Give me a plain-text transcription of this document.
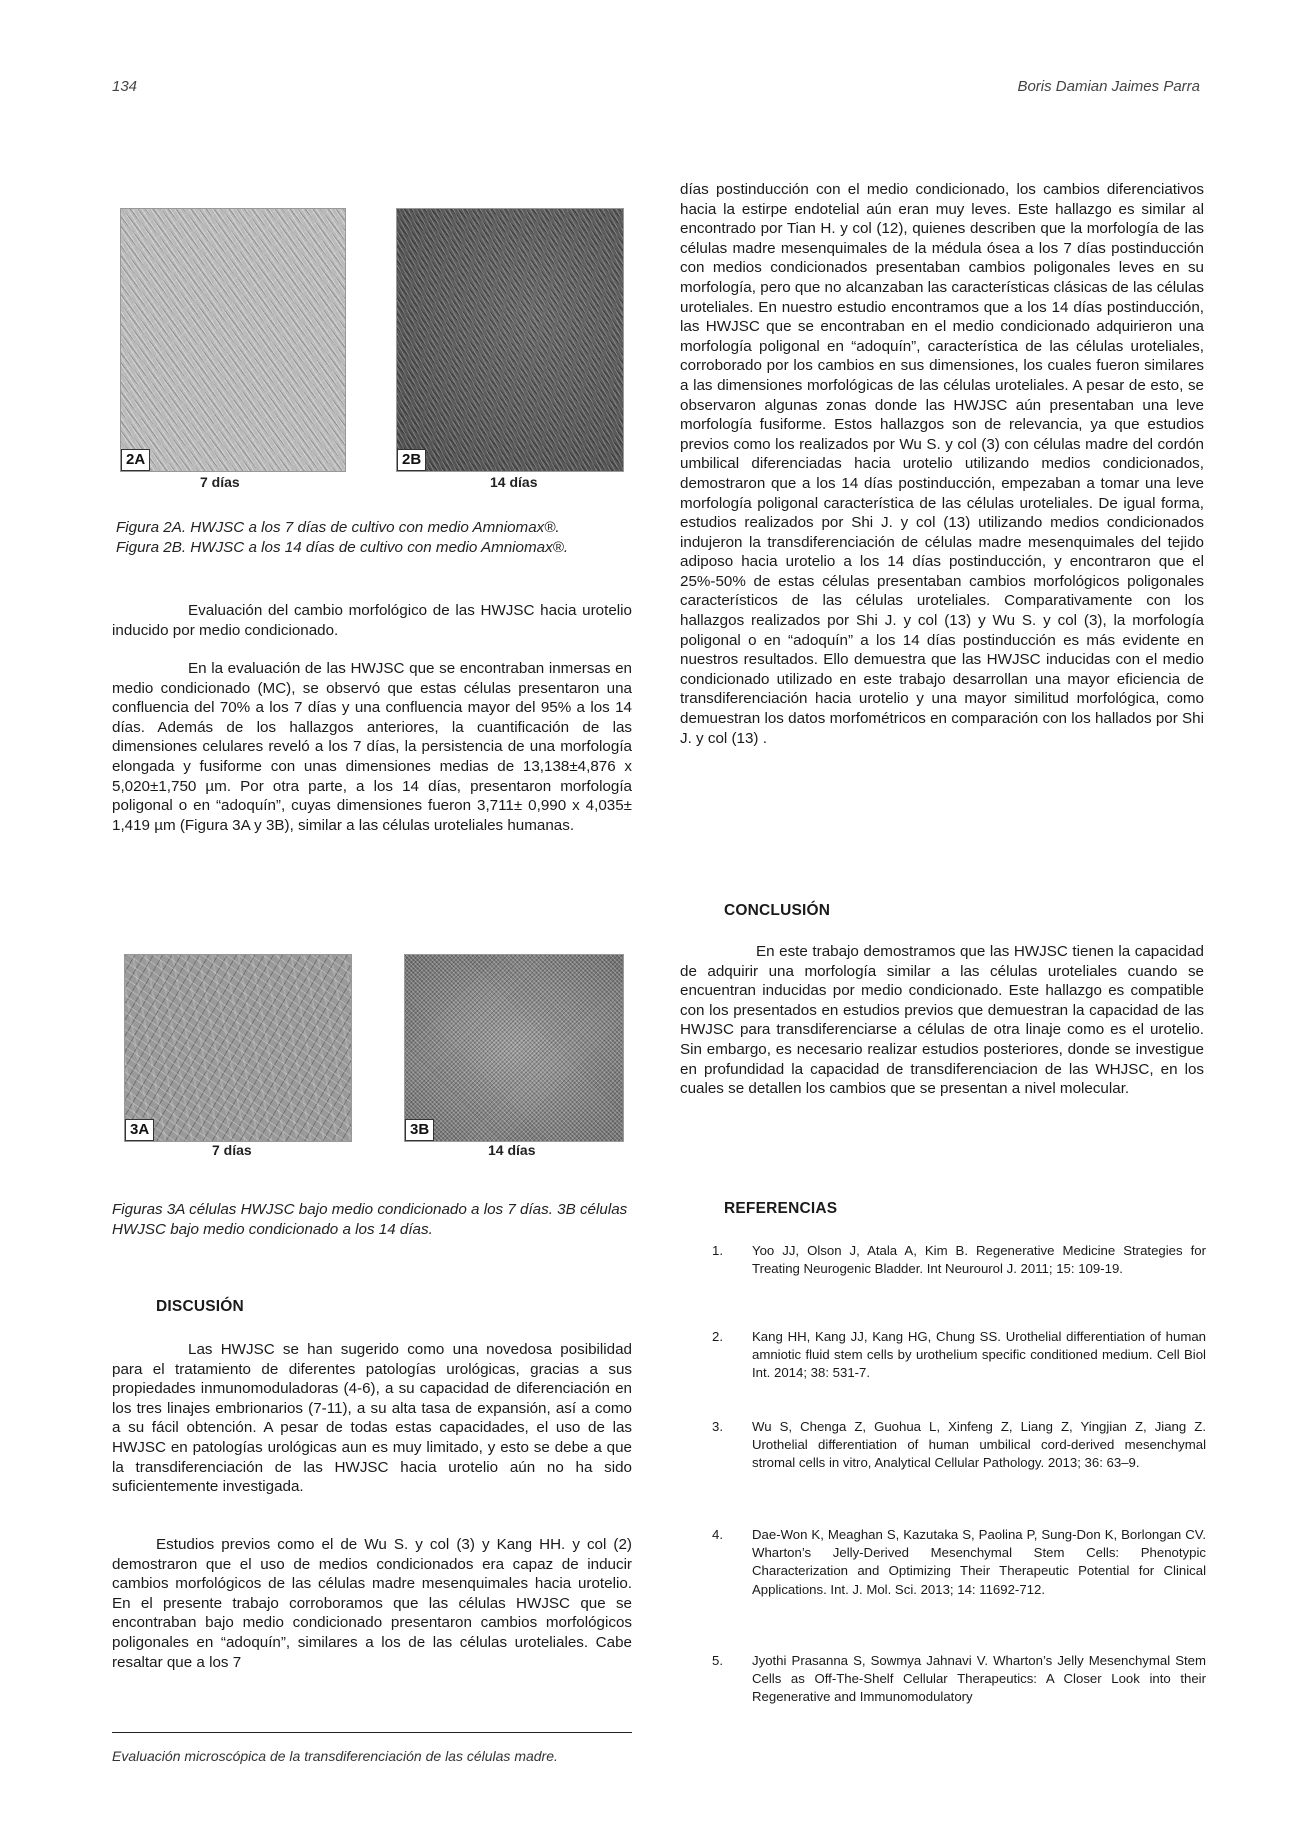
134	Boris Damian Jaimes Parra
2A	2B
7 días	14 días
Figura 2A. HWJSC a los 7 días de cultivo con medio Amniomax®.
Figura 2B. HWJSC a los 14 días de cultivo con medio Amniomax®.

Evaluación del cambio morfológico de las HWJSC hacia urotelio inducido por medio condicionado.

En la evaluación de las HWJSC que se encontraban inmersas en medio condicionado (MC), se observó que estas células presentaron una confluencia del 70% a los 7 días y una confluencia mayor del 95% a los 14 días. Además de los hallazgos anteriores, la cuantificación de las dimensiones celulares reveló a los 7 días, la persistencia de una morfología elongada y fusiforme con unas dimensiones medias de 13,138±4,876 x 5,020±1,750 µm. Por otra parte, a los 14 días, presentaron morfología poligonal o en “adoquín”, cuyas dimensiones fueron 3,711± 0,990 x 4,035± 1,419 µm (Figura 3A y 3B), similar a las células uroteliales humanas.

3A	3B
7 días	14 días
Figuras 3A células HWJSC bajo medio condicionado a los 7 días. 3B células HWJSC bajo medio condicionado a los 14 días.
DISCUSIÓN

Las HWJSC se han sugerido como una novedosa posibilidad para el tratamiento de diferentes patologías urológicas, gracias a sus propiedades inmunomoduladoras (4-6), a su capacidad de diferenciación en los tres linajes embrionarios (7-11), a su alta tasa de expansión, así a como a su fácil obtención. A pesar de todas estas capacidades, el uso de las HWJSC en patologías urológicas aun es muy limitado, y esto se debe a que la transdiferenciación de las HWJSC hacia urotelio aún no ha sido suficientemente investigada.

Estudios previos como el de Wu S. y col (3) y Kang HH. y col (2) demostraron que el uso de medios condicionados era capaz de inducir cambios morfológicos de las células madre mesenquimales hacia urotelio. En el presente trabajo corroboramos que las células HWJSC que se encontraban bajo medio condicionado presentaron cambios morfológicos poligonales en “adoquín”, similares a los de las células uroteliales. Cabe resaltar que a los 7

días postinducción con el medio condicionado, los cambios diferenciativos hacia la estirpe endotelial aún eran muy leves. Este hallazgo es similar al encontrado por Tian H. y col (12), quienes describen que la morfología de las células madre mesenquimales de la médula ósea a los 7 días postinducción con medios condicionados presentaban cambios poligonales leves en su morfología, pero que no alcanzaban las características clásicas de las células uroteliales. En nuestro estudio encontramos que a los 14 días postinducción, las HWJSC que se encontraban en el medio condicionado adquirieron una morfología poligonal en “adoquín”, característica de las células uroteliales, corroborado por los cambios en sus dimensiones, los cuales fueron similares a las dimensiones morfológicas de las células uroteliales. A pesar de esto, se observaron algunas zonas donde las HWJSC aún presentaban una leve morfología fusiforme. Estos hallazgos son de relevancia, ya que estudios previos como los realizados por Wu S. y col (3) con células madre del cordón umbilical diferenciadas hacia urotelio utilizando medios condicionados, demostraron que a los 14 días postinducción, empezaban a tomar una leve morfología poligonal característica de las células uroteliales. De igual forma, estudios realizados por Shi J. y col (13) utilizando medios condicionados indujeron la transdiferenciación de células madre mesenquimales del tejido adiposo hacia urotelio a los 14 días postinducción, y encontraron que el 25%-50% de estas células presentaban cambios morfológicos poligonales característicos de las células uroteliales. Comparativamente con los hallazgos realizados por Shi J. y col (13) y Wu S. y col (3), la morfología poligonal o en “adoquín” a los 14 días postinducción es más evidente en nuestros resultados. Ello demuestra que las HWJSC inducidas con el medio condicionado utilizado en este trabajo desarrollan una mayor eficiencia de transdiferenciación hacia urotelio y una mayor similitud morfológica, como demuestran los datos morfométricos en comparación con los hallados por Shi J. y col (13) .

CONCLUSIÓN

En este trabajo demostramos que las HWJSC tienen la capacidad de adquirir una morfología similar a las células uroteliales cuando se encuentran inducidas por medio condicionado. Este hallazgo es compatible con los presentados en estudios previos que demuestran la capacidad de las HWJSC para transdiferenciarse a células de otra linaje como es el urotelio. Sin embargo, es necesario realizar estudios posteriores, donde se investigue en profundidad la capacidad de transdiferenciacion de las WHJSC, en los cuales se detallen los cambios que se presentan a nivel molecular.

REFERENCIAS
1. Yoo JJ, Olson J, Atala A, Kim B. Regenerative Medicine Strategies for Treating Neurogenic Bladder. Int Neurourol J. 2011; 15: 109-19.
2. Kang HH, Kang JJ, Kang HG, Chung SS. Urothelial differentiation of human amniotic fluid stem cells by urothelium specific conditioned medium. Cell Biol Int. 2014; 38: 531-7.
3. Wu S, Chenga Z, Guohua L, Xinfeng Z, Liang Z, Yingjian Z, Jiang Z. Urothelial differentiation of human umbilical cord-derived mesenchymal stromal cells in vitro, Analytical Cellular Pathology. 2013; 36: 63–9.
4. Dae-Won K, Meaghan S, Kazutaka S, Paolina P, Sung-Don K, Borlongan CV. Wharton’s Jelly-Derived Mesenchymal Stem Cells: Phenotypic Characterization and Optimizing Their Therapeutic Potential for Clinical Applications. Int. J. Mol. Sci. 2013; 14: 11692-712.
5. Jyothi Prasanna S, Sowmya Jahnavi V. Wharton’s Jelly Mesenchymal Stem Cells as Off-The-Shelf Cellular Therapeutics: A Closer Look into their Regenerative and Immunomodulatory
Evaluación microscópica de la transdiferenciación de las células madre.
